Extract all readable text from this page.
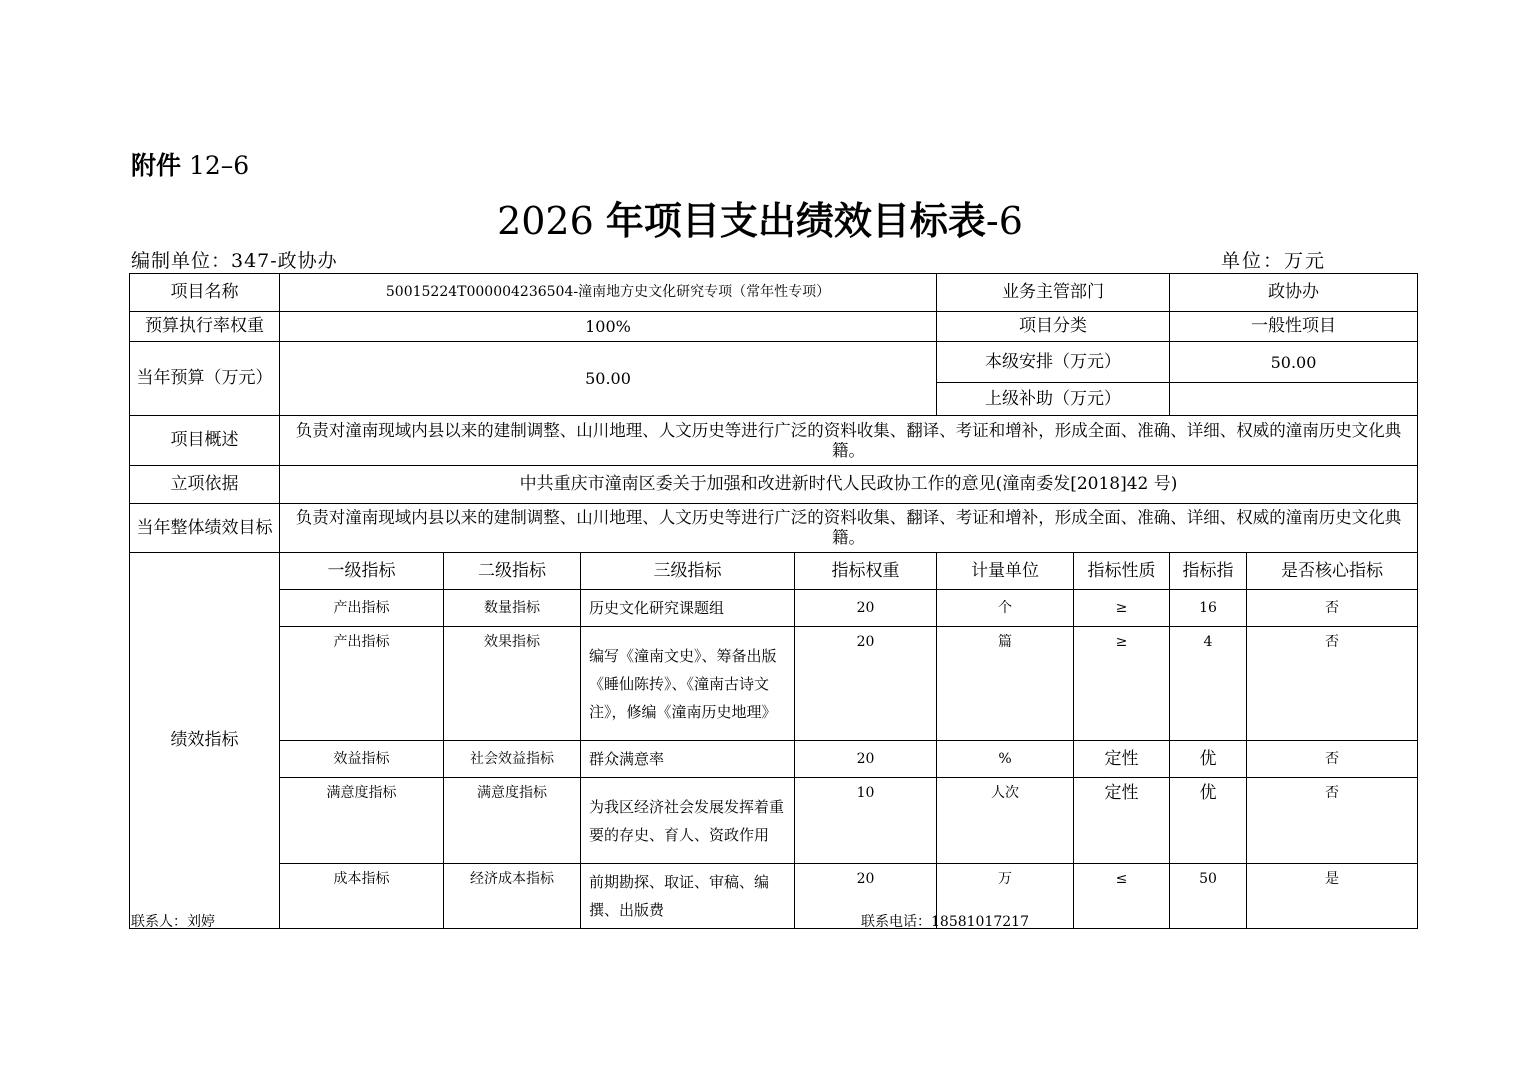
附件 12–6
2026 年项目支出绩效目标表-6
编制单位：347-政协办	单位：万元
项目名称	50015224T000004236504-潼南地方史文化研究专项（常年性专项）				业务主管部门		政协办	
预算执行率权重	100%				项目分类		一般性项目	
当年预算（万元）	50.00				本级安排（万元）		50.00	
					上级补助（万元）			
项目概述	负责对潼南现域内县以来的建制调整、山川地理、人文历史等进行广泛的资料收集、翻译、考证和增补，形成全面、准确、详细、权威的潼南历史文化典籍。							
立项依据	中共重庆市潼南区委关于加强和改进新时代人民政协工作的意见(潼南委发[2018]42 号)							
当年整体绩效目标	负责对潼南现域内县以来的建制调整、山川地理、人文历史等进行广泛的资料收集、翻译、考证和增补，形成全面、准确、详细、权威的潼南历史文化典籍。							
绩效指标	一级指标	二级指标	三级指标	指标权重	计量单位	指标性质	指标指	是否核心指标
	产出指标	数量指标	历史文化研究课题组	20	个	≥	16	否
	产出指标	效果指标	编写《潼南文史》、筹备出版《睡仙陈抟》、《潼南古诗文注》，修编《潼南历史地理》	20	篇	≥	4	否
	效益指标	社会效益指标	群众满意率	20	%	定性	优	否
	满意度指标	满意度指标	为我区经济社会发展发挥着重要的存史、育人、资政作用	10	人次	定性	优	否
	成本指标	经济成本指标	前期勘探、取证、审稿、编撰、出版费	20	万	≤	50	是
联系人：刘婷	联系电话：18581017217
